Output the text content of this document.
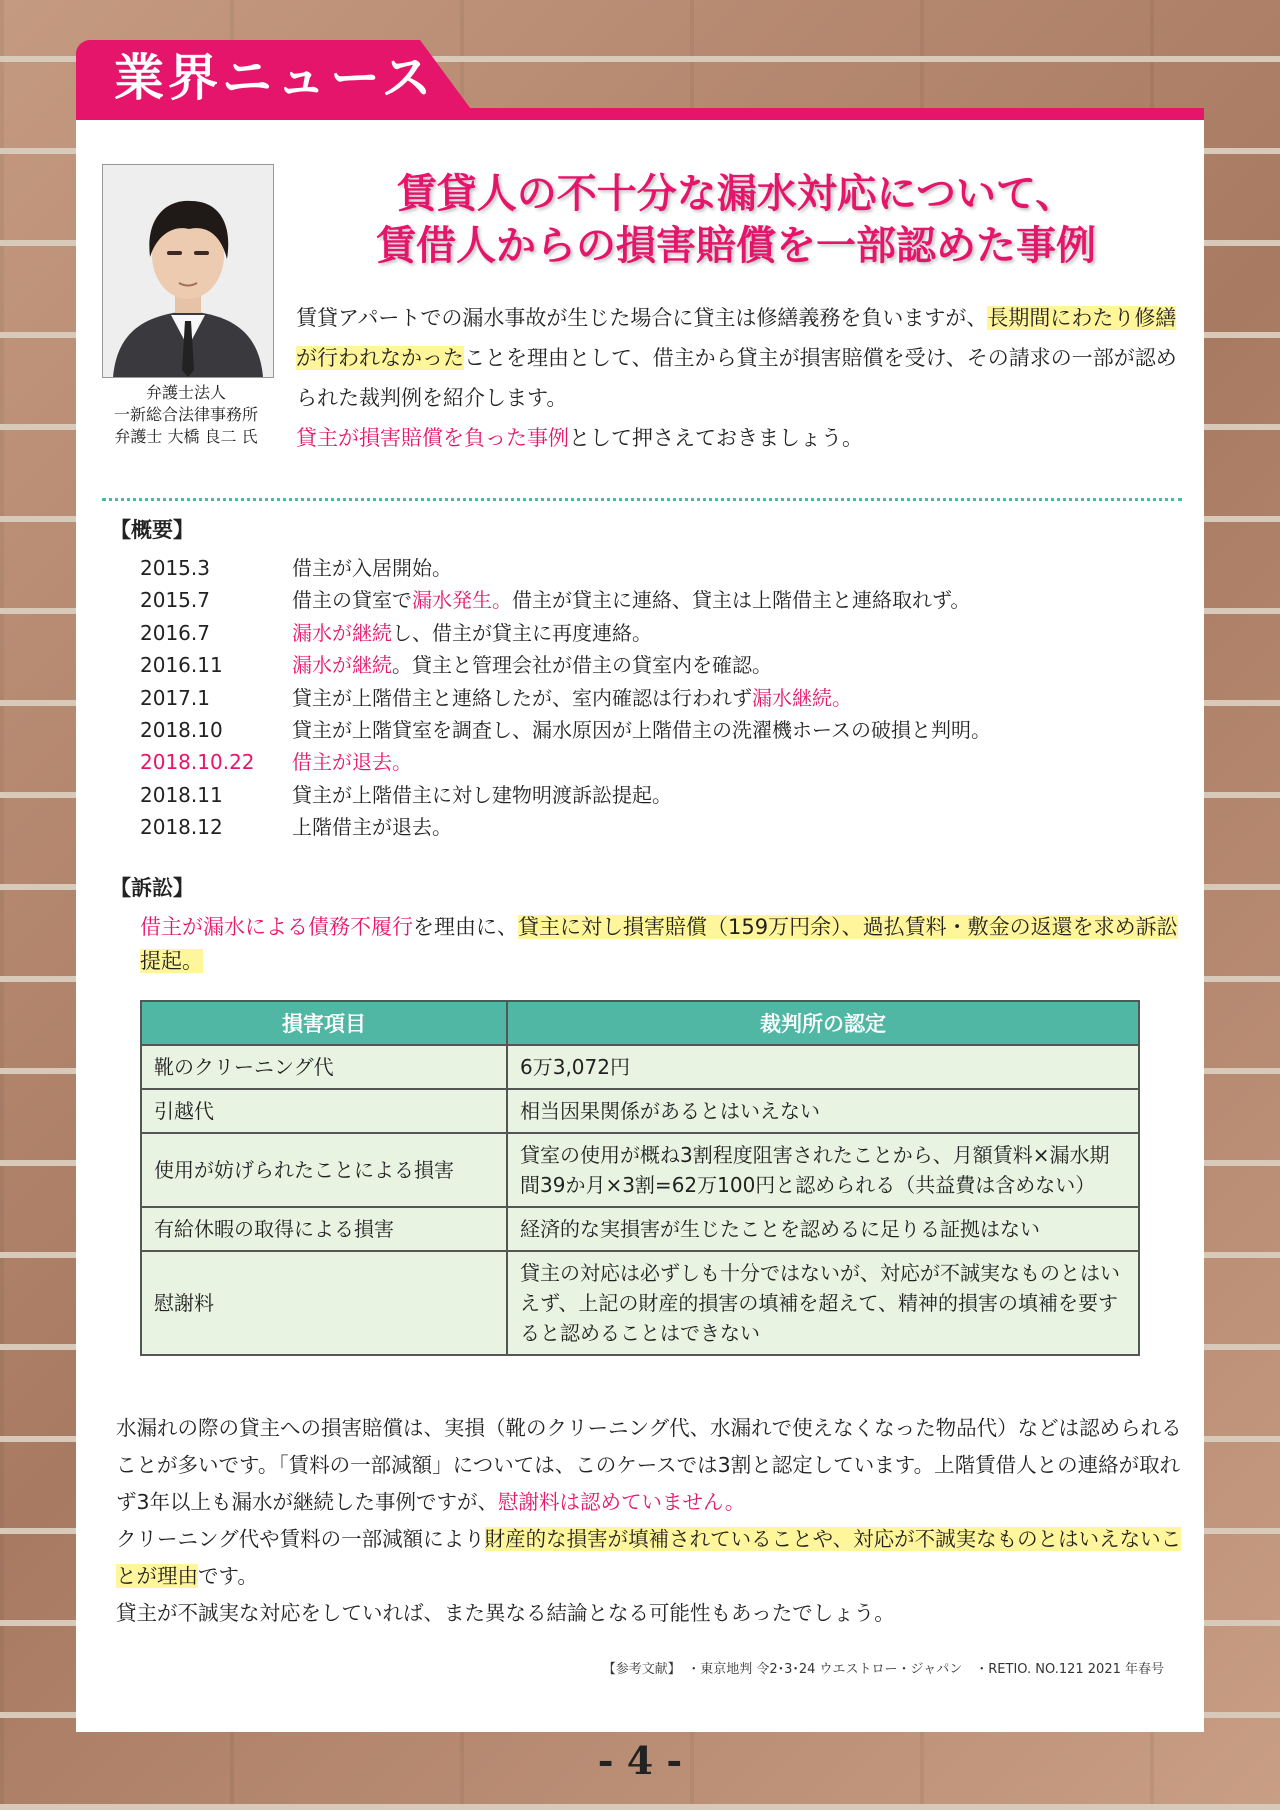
業界ニュース
弁護士法人
一新総合法律事務所
弁護士 大橋 良二 氏
賃貸人の不十分な漏水対応について、
賃借人からの損害賠償を一部認めた事例
賃貸アパートでの漏水事故が生じた場合に貸主は修繕義務を負いますが、長期間にわたり修繕が行われなかったことを理由として、借主から貸主が損害賠償を受け、その請求の一部が認められた裁判例を紹介します。
貸主が損害賠償を負った事例として押さえておきましょう。
【概要】
2015.3	借主が入居開始。
2015.7	借主の貸室で漏水発生。借主が貸主に連絡、貸主は上階借主と連絡取れず。
2016.7	漏水が継続し、借主が貸主に再度連絡。
2016.11	漏水が継続。貸主と管理会社が借主の貸室内を確認。
2017.1	貸主が上階借主と連絡したが、室内確認は行われず漏水継続。
2018.10	貸主が上階貸室を調査し、漏水原因が上階借主の洗濯機ホースの破損と判明。
2018.10.22	借主が退去。
2018.11	貸主が上階借主に対し建物明渡訴訟提起。
2018.12	上階借主が退去。
【訴訟】
借主が漏水による債務不履行を理由に、貸主に対し損害賠償（159万円余）、過払賃料・敷金の返還を求め訴訟提起。
損害項目	裁判所の認定
靴のクリーニング代	6万3,072円
引越代	相当因果関係があるとはいえない
使用が妨げられたことによる損害	貸室の使用が概ね3割程度阻害されたことから、月額賃料×漏水期間39か月×3割=62万100円と認められる（共益費は含めない）
有給休暇の取得による損害	経済的な実損害が生じたことを認めるに足りる証拠はない
慰謝料	貸主の対応は必ずしも十分ではないが、対応が不誠実なものとはいえず、上記の財産的損害の填補を超えて、精神的損害の填補を要すると認めることはできない
水漏れの際の貸主への損害賠償は、実損（靴のクリーニング代、水漏れで使えなくなった物品代）などは認められることが多いです。「賃料の一部減額」については、このケースでは3割と認定しています。上階賃借人との連絡が取れず3年以上も漏水が継続した事例ですが、慰謝料は認めていません。
クリーニング代や賃料の一部減額により財産的な損害が填補されていることや、対応が不誠実なものとはいえないことが理由です。
貸主が不誠実な対応をしていれば、また異なる結論となる可能性もあったでしょう。
【参考文献】　・東京地判 令2･3･24 ウエストロー・ジャパン　・RETIO. NO.121 2021 年春号
- 4 -
